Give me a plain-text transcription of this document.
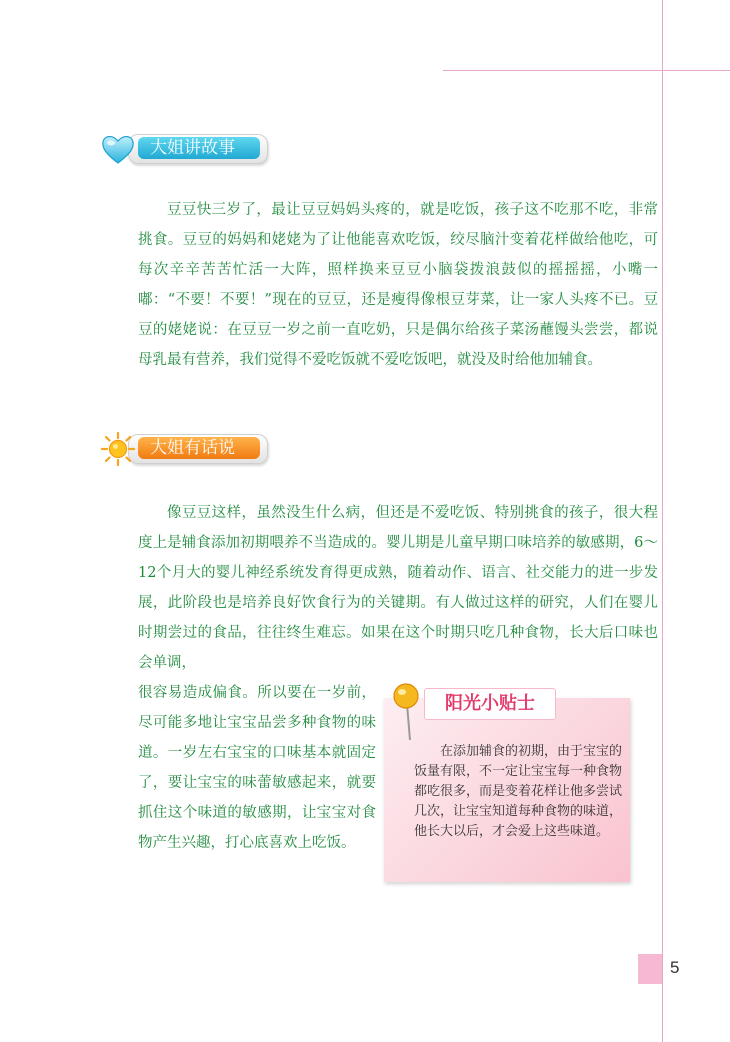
大姐讲故事

豆豆快三岁了，最让豆豆妈妈头疼的，就是吃饭，孩子这不吃那不吃，非常挑食。豆豆的妈妈和姥姥为了让他能喜欢吃饭，绞尽脑汁变着花样做给他吃，可每次辛辛苦苦忙活一大阵，照样换来豆豆小脑袋拨浪鼓似的摇摇摇，小嘴一嘟：“不要！不要！”现在的豆豆，还是瘦得像根豆芽菜，让一家人头疼不已。豆豆的姥姥说：在豆豆一岁之前一直吃奶，只是偶尔给孩子菜汤蘸馒头尝尝，都说母乳最有营养，我们觉得不爱吃饭就不爱吃饭吧，就没及时给他加辅食。

大姐有话说

像豆豆这样，虽然没生什么病，但还是不爱吃饭、特别挑食的孩子，很大程度上是辅食添加初期喂养不当造成的。婴儿期是儿童早期口味培养的敏感期，6～12个月大的婴儿神经系统发育得更成熟，随着动作、语言、社交能力的进一步发展，此阶段也是培养良好饮食行为的关键期。有人做过这样的研究，人们在婴儿时期尝过的食品，往往终生难忘。如果在这个时期只吃几种食物，长大后口味也会单调，

很容易造成偏食。所以要在一岁前，尽可能多地让宝宝品尝多种食物的味道。一岁左右宝宝的口味基本就固定了，要让宝宝的味蕾敏感起来，就要抓住这个味道的敏感期，让宝宝对食物产生兴趣，打心底喜欢上吃饭。

阳光小贴士

在添加辅食的初期，由于宝宝的饭量有限，不一定让宝宝每一种食物都吃很多，而是变着花样让他多尝试几次，让宝宝知道每种食物的味道，他长大以后，才会爱上这些味道。

5
